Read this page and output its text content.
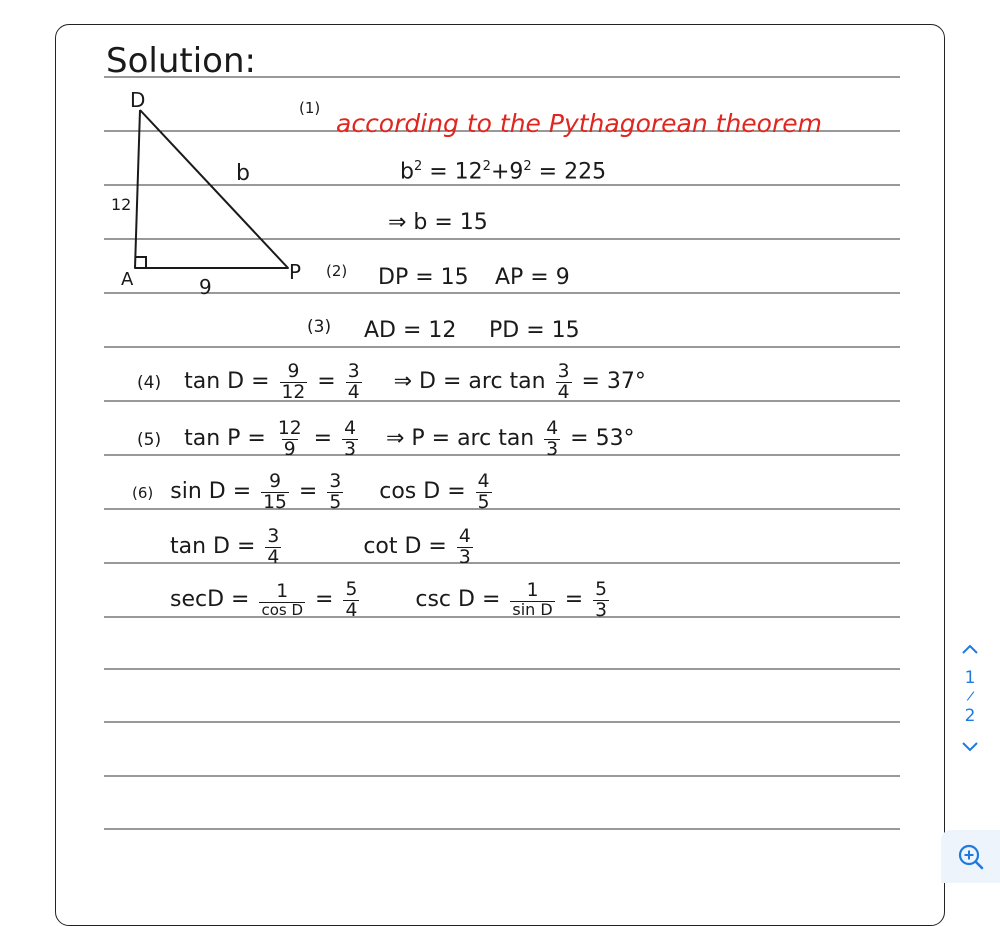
D
A	P
12
9
b
Solution:
(1)
according to the Pythagorean theorem
$b^2 = 12^2+9^2 = 225$
⇒ b = 15
(2) DP = 15 AP = 9
(3) AD = 12 PD = 15
(4) $\tan D = \frac{9}{12} = \frac{3}{4}$ ⇒ D = arc $\tan \frac{3}{4} = 37^\circ$
(5) $\tan P = \frac{12}{9} = \frac{4}{3}$ ⇒ P = arc $\tan \frac{4}{3} = 53^\circ$
(6) $\sin D = \frac{9}{15} = \frac{3}{5}$ $\cos D = \frac{4}{5}$
$\tan D = \frac{3}{4}$	$\cot D = \frac{4}{3}$
$\sec D = \frac{1}{\text{cos D}} = \frac{5}{4}$	$\csc D = \frac{1}{\text{sin D}} = \frac{5}{3}$
1
/
2
